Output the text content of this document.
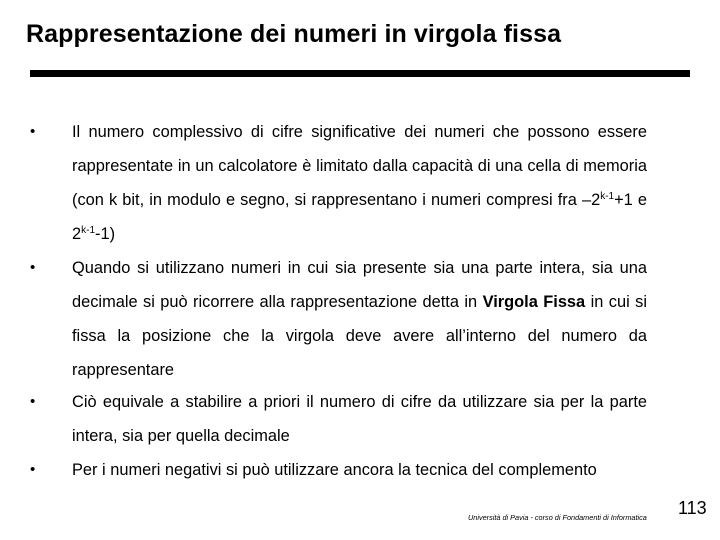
Rappresentazione dei numeri in virgola fissa
• Il numero complessivo di cifre significative dei numeri che possono essere rappresentate in un calcolatore è limitato dalla capacità di una cella di memoria (con k bit, in modulo e segno, si rappresentano i numeri compresi fra $-2^{k-1}+1$ e 2$^{k-1}$-1)
• Quando si utilizzano numeri in cui sia presente sia una parte intera, sia una decimale si può ricorrere alla rappresentazione detta in Virgola Fissa in cui si fissa la posizione che la virgola deve avere all’interno del numero da rappresentare
• Ciò equivale a stabilire a priori il numero di cifre da utilizzare sia per la parte intera, sia per quella decimale
• Per i numeri negativi si può utilizzare ancora la tecnica del complemento
Università di Pavia - corso di Fondamenti di Informatica 113
